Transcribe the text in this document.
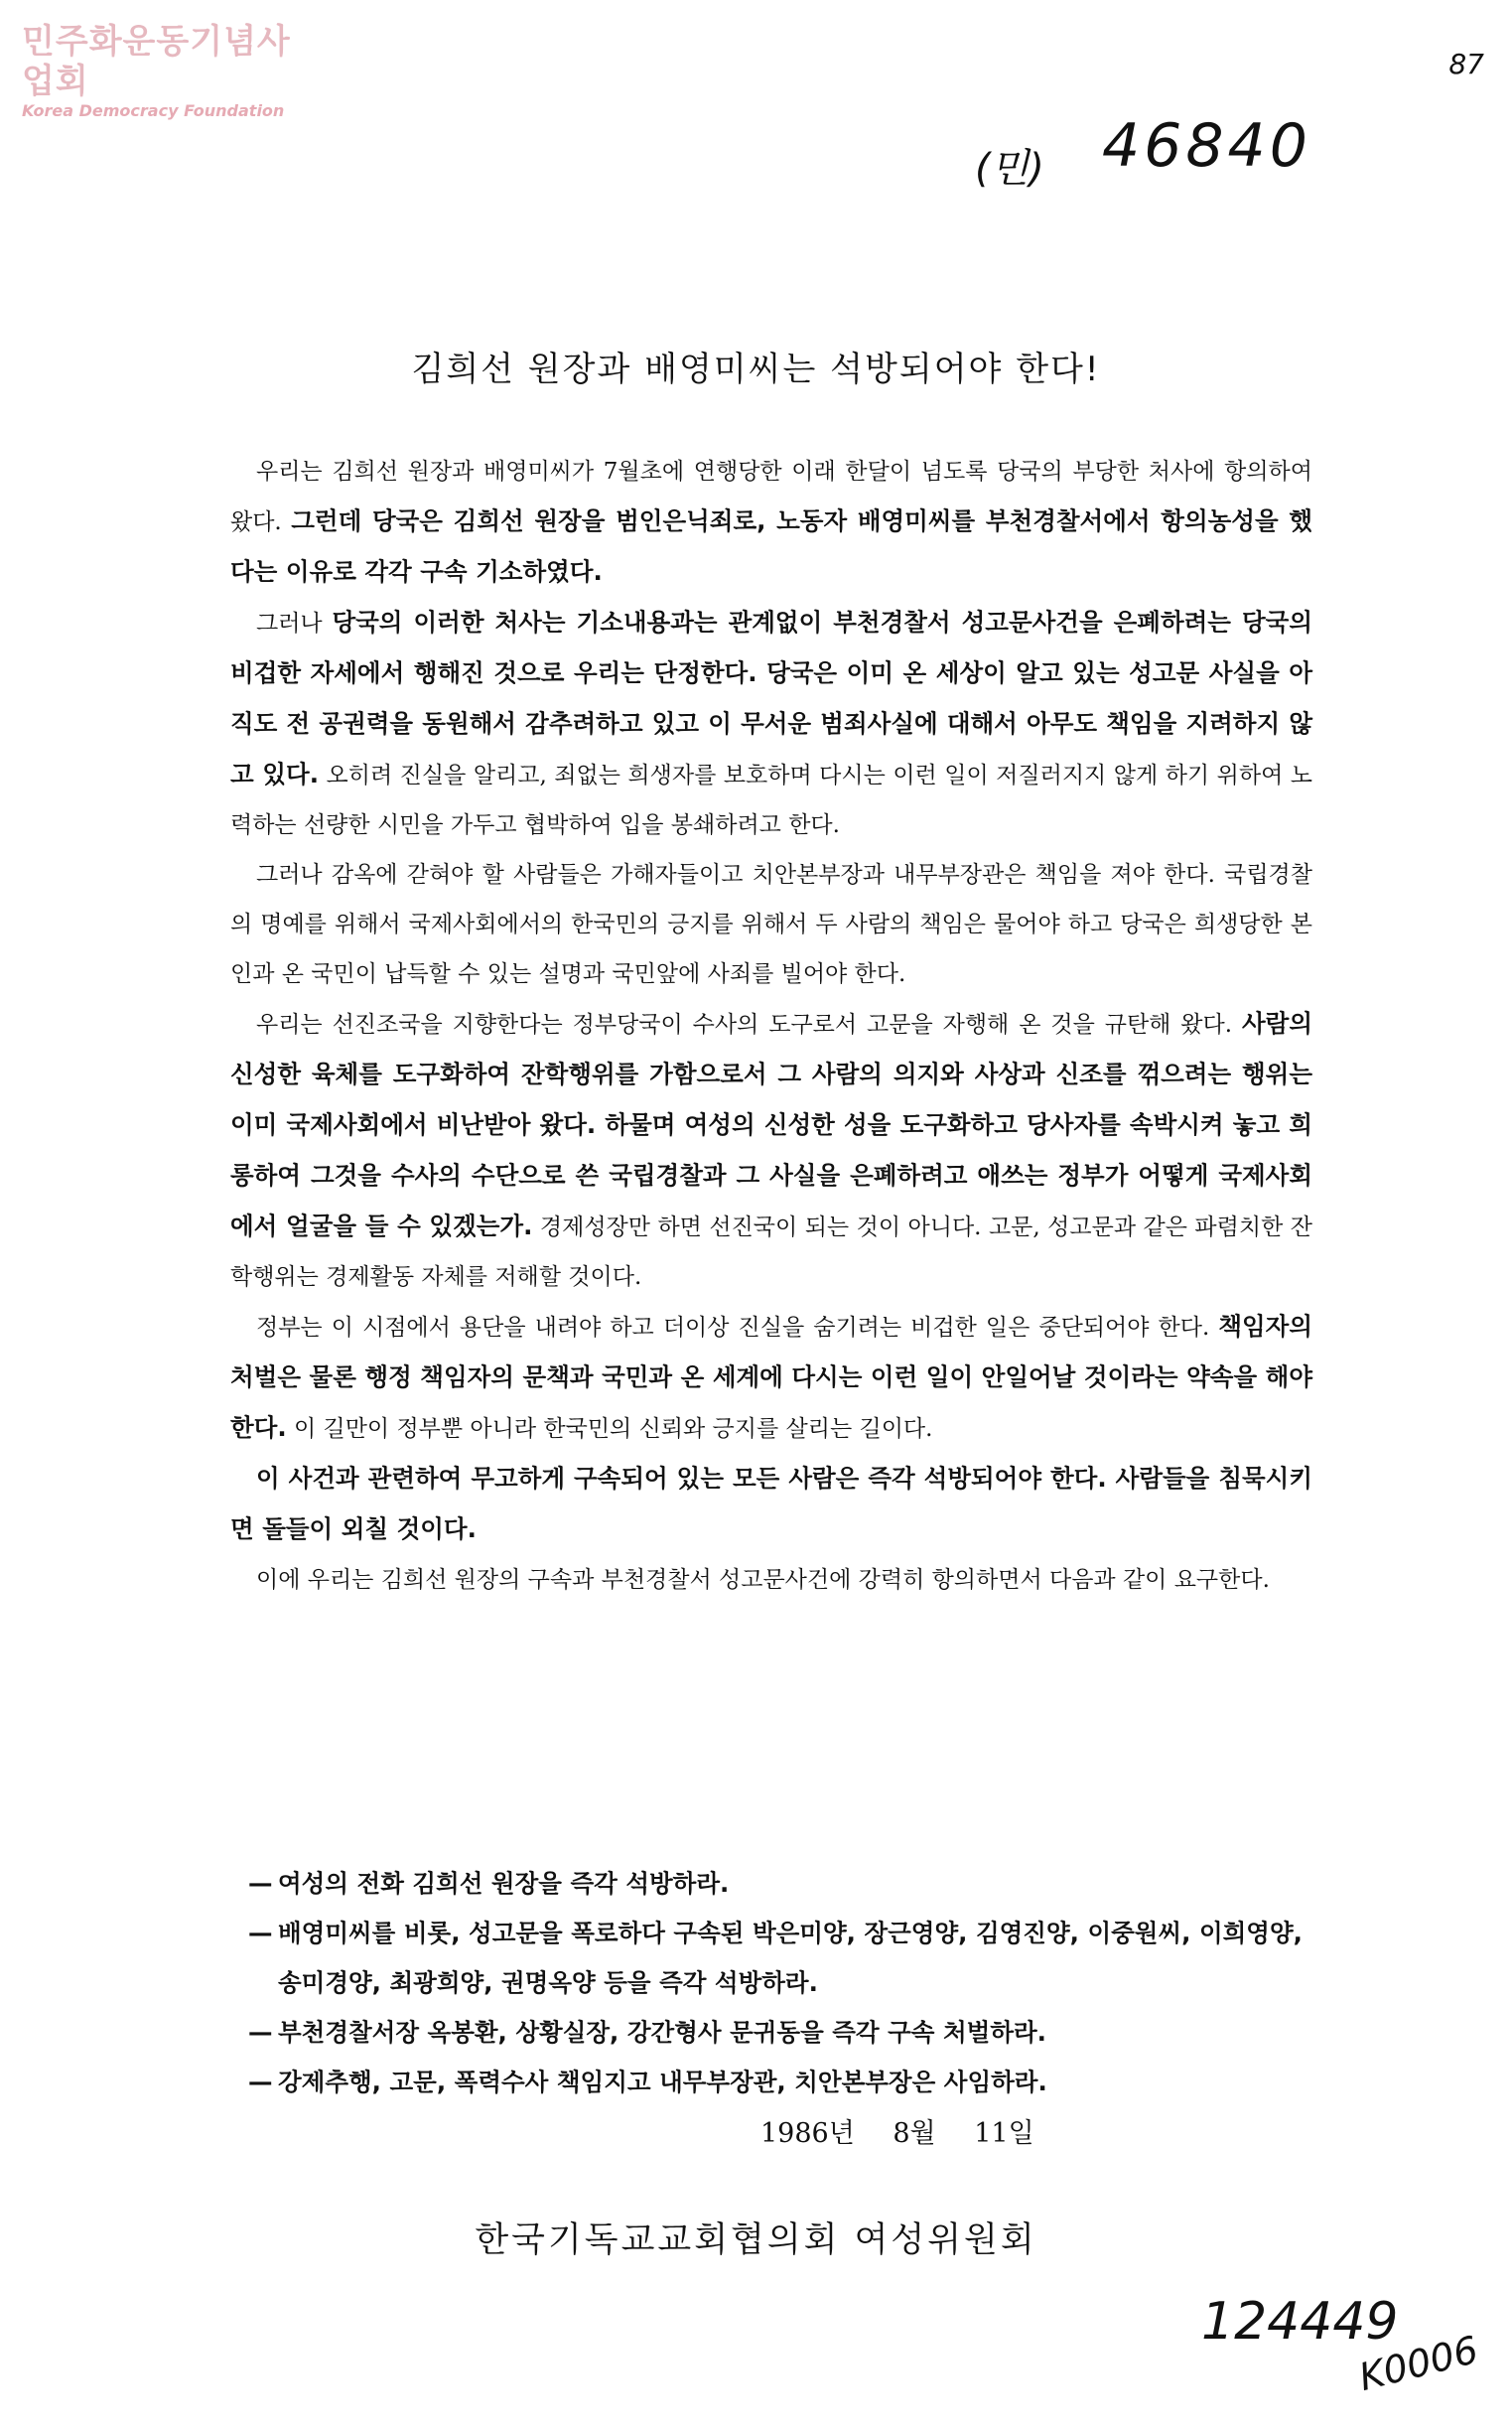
민주화운동기념사업회
Korea Democracy Foundation
87
(민) 46840
김희선 원장과 배영미씨는 석방되어야 한다!

우리는 김희선 원장과 배영미씨가 7월초에 연행당한 이래 한달이 넘도록 당국의 부당한 처사에 항의하여 왔다. 그런데 당국은 김희선 원장을 범인은닉죄로, 노동자 배영미씨를 부천경찰서에서 항의농성을 했다는 이유로 각각 구속 기소하였다.

그러나 당국의 이러한 처사는 기소내용과는 관계없이 부천경찰서 성고문사건을 은폐하려는 당국의 비겁한 자세에서 행해진 것으로 우리는 단정한다. 당국은 이미 온 세상이 알고 있는 성고문 사실을 아직도 전 공권력을 동원해서 감추려하고 있고 이 무서운 범죄사실에 대해서 아무도 책임을 지려하지 않고 있다. 오히려 진실을 알리고, 죄없는 희생자를 보호하며 다시는 이런 일이 저질러지지 않게 하기 위하여 노력하는 선량한 시민을 가두고 협박하여 입을 봉쇄하려고 한다.

그러나 감옥에 갇혀야 할 사람들은 가해자들이고 치안본부장과 내무부장관은 책임을 져야 한다. 국립경찰의 명예를 위해서 국제사회에서의 한국민의 긍지를 위해서 두 사람의 책임은 물어야 하고 당국은 희생당한 본인과 온 국민이 납득할 수 있는 설명과 국민앞에 사죄를 빌어야 한다.

우리는 선진조국을 지향한다는 정부당국이 수사의 도구로서 고문을 자행해 온 것을 규탄해 왔다. 사람의 신성한 육체를 도구화하여 잔학행위를 가함으로서 그 사람의 의지와 사상과 신조를 꺾으려는 행위는 이미 국제사회에서 비난받아 왔다. 하물며 여성의 신성한 성을 도구화하고 당사자를 속박시켜 놓고 희롱하여 그것을 수사의 수단으로 쓴 국립경찰과 그 사실을 은폐하려고 애쓰는 정부가 어떻게 국제사회에서 얼굴을 들 수 있겠는가. 경제성장만 하면 선진국이 되는 것이 아니다. 고문, 성고문과 같은 파렴치한 잔학행위는 경제활동 자체를 저해할 것이다.

정부는 이 시점에서 용단을 내려야 하고 더이상 진실을 숨기려는 비겁한 일은 중단되어야 한다. 책임자의 처벌은 물론 행정 책임자의 문책과 국민과 온 세계에 다시는 이런 일이 안일어날 것이라는 약속을 해야 한다. 이 길만이 정부뿐 아니라 한국민의 신뢰와 긍지를 살리는 길이다.

이 사건과 관련하여 무고하게 구속되어 있는 모든 사람은 즉각 석방되어야 한다. 사람들을 침묵시키면 돌들이 외칠 것이다.

이에 우리는 김희선 원장의 구속과 부천경찰서 성고문사건에 강력히 항의하면서 다음과 같이 요구한다.

— 여성의 전화 김희선 원장을 즉각 석방하라.
— 배영미씨를 비롯, 성고문을 폭로하다 구속된 박은미양, 장근영양, 김영진양, 이중원씨, 이희영양, 송미경양, 최광희양, 권명옥양 등을 즉각 석방하라.
— 부천경찰서장 옥봉환, 상황실장, 강간형사 문귀동을 즉각 구속 처벌하라.
— 강제추행, 고문, 폭력수사 책임지고 내무부장관, 치안본부장은 사임하라.
1986년 8월 11일
한국기독교교회협의회 여성위원회
124449
K0006
